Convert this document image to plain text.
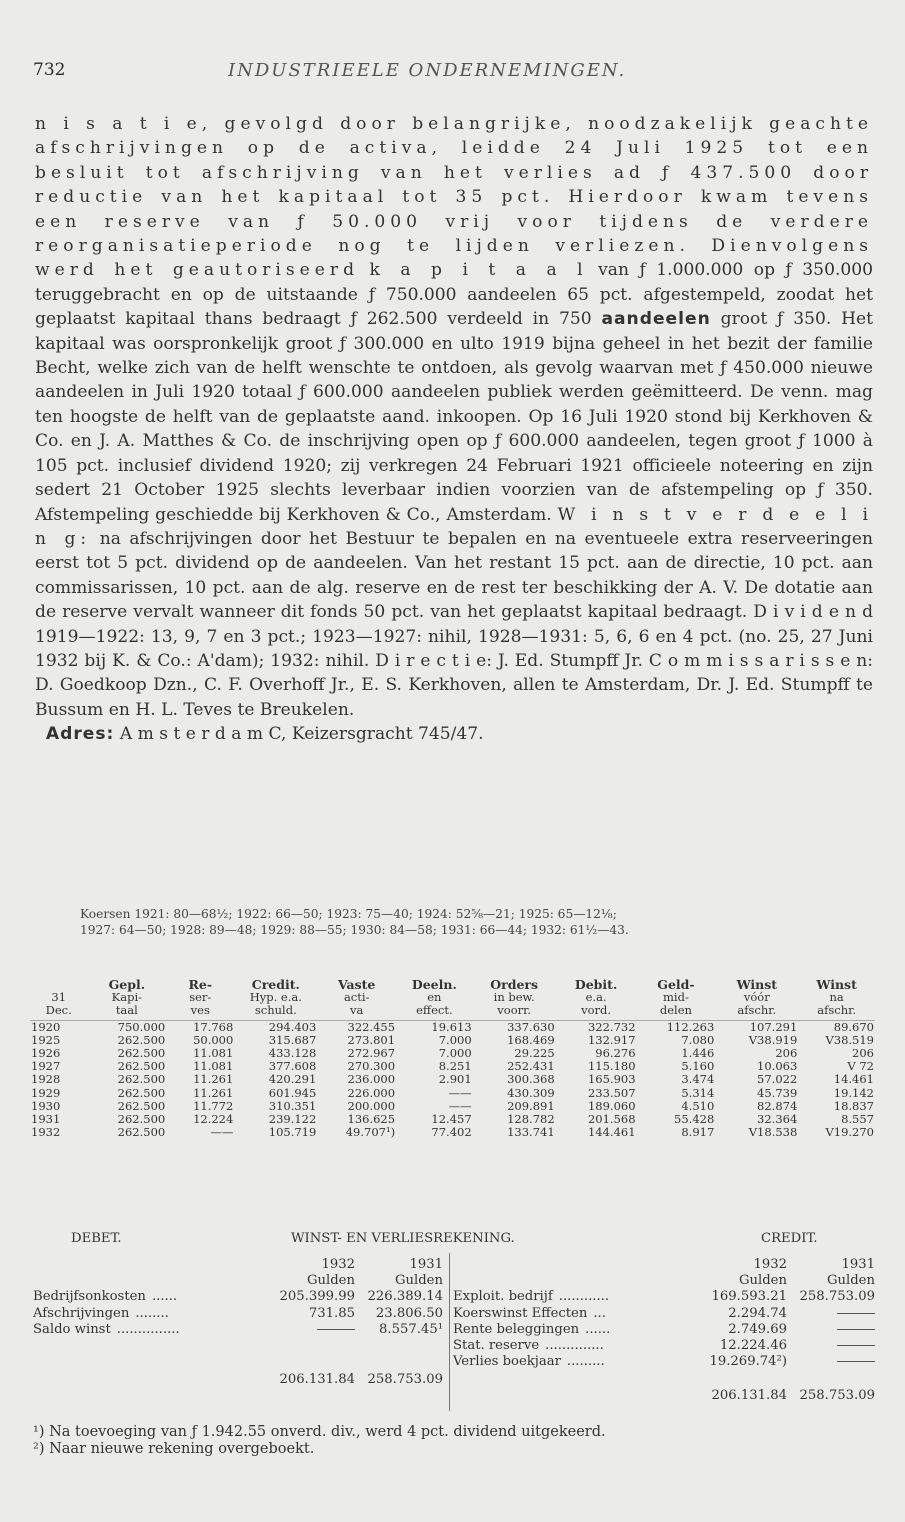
732	INDUSTRIEELE ONDERNEMINGEN.
n i s a t i e, gevolgd door belangrijke, noodzakelijk geachte afschrijvingen op de activa, leidde 24 Juli 1925 tot een besluit tot afschrijving van het verlies ad ƒ 437.500 door reductie van het kapitaal tot 35 pct. Hierdoor kwam tevens een reserve van ƒ 50.000 vrij voor tijdens de verdere reorganisatieperiode nog te lijden verliezen. Dienvolgens werd het geautoriseerd k a p i t a a l van ƒ 1.000.000 op ƒ 350.000 teruggebracht en op de uitstaande ƒ 750.000 aandeelen 65 pct. afgestempeld, zoodat het geplaatst kapitaal thans bedraagt ƒ 262.500 verdeeld in 750 aandeelen groot ƒ 350. Het kapitaal was oorspronkelijk groot ƒ 300.000 en ulto 1919 bijna geheel in het bezit der familie Becht, welke zich van de helft wenschte te ontdoen, als gevolg waarvan met ƒ 450.000 nieuwe aandeelen in Juli 1920 totaal ƒ 600.000 aandeelen publiek werden geëmitteerd. De venn. mag ten hoogste de helft van de geplaatste aand. inkoopen. Op 16 Juli 1920 stond bij Kerkhoven & Co. en J. A. Matthes & Co. de inschrijving open op ƒ 600.000 aandeelen, tegen groot ƒ 1000 à 105 pct. inclusief dividend 1920; zij verkregen 24 Februari 1921 officieele noteering en zijn sedert 21 October 1925 slechts leverbaar indien voorzien van de afstempeling op ƒ 350. Afstempeling geschiedde bij Kerkhoven & Co., Amsterdam. W i n s t v e r d e e l i n g: na afschrijvingen door het Bestuur te bepalen en na eventueele extra reserveeringen eerst tot 5 pct. dividend op de aandeelen. Van het restant 15 pct. aan de directie, 10 pct. aan commissarissen, 10 pct. aan de alg. reserve en de rest ter beschikking der A. V. De dotatie aan de reserve vervalt wanneer dit fonds 50 pct. van het geplaatst kapitaal bedraagt. D i v i d e n d 1919—1922: 13, 9, 7 en 3 pct.; 1923—1927: nihil, 1928—1931: 5, 6, 6 en 4 pct. (no. 25, 27 Juni 1932 bij K. & Co.: A'dam); 1932: nihil. D i r e c t i e: J. Ed. Stumpff Jr. C o m m i s s a r i s s e n: D. Goedkoop Dzn., C. F. Overhoff Jr., E. S. Kerkhoven, allen te Amsterdam, Dr. J. Ed. Stumpff te Bussum en H. L. Teves te Breukelen.
Adres: A m s t e r d a m C, Keizersgracht 745/47.
Koersen 1921: 80—68½; 1922: 66—50; 1923: 75—40; 1924: 52⅝—21; 1925: 65—12⅛;
1927: 64—50; 1928: 89—48; 1929: 88—55; 1930: 84—58; 1931: 66—44; 1932: 61½—43.
	Gepl.	Re-	Credit.	Vaste	Deeln.	Orders	Debit.	Geld-	Winst	Winst
31	Kapi-	ser-	Hyp. e.a.	acti-	en	in bew.	e.a.	mid-	vóór	na
Dec.	taal	ves	schuld.	va	effect.	voorr.	vord.	delen	afschr.	afschr.
1920	750.000	17.768	294.403	322.455	19.613	337.630	322.732	112.263	107.291	89.670
1925	262.500	50.000	315.687	273.801	7.000	168.469	132.917	7.080	V38.919	V38.519
1926	262.500	11.081	433.128	272.967	7.000	29.225	96.276	1.446	206	206
1927	262.500	11.081	377.608	270.300	8.251	252.431	115.180	5.160	10.063	V 72
1928	262.500	11.261	420.291	236.000	2.901	300.368	165.903	3.474	57.022	14.461
1929	262.500	11.261	601.945	226.000	——	430.309	233.507	5.314	45.739	19.142
1930	262.500	11.772	310.351	200.000	——	209.891	189.060	4.510	82.874	18.837
1931	262.500	12.224	239.122	136.625	12.457	128.782	201.568	55.428	32.364	8.557
1932	262.500	——	105.719	49.707¹)	77.402	133.741	144.461	8.917	V18.538	V19.270
DEBET.	WINST- EN VERLIESREKENING.	CREDIT.
	1932	1931
	Gulden	Gulden
Bedrijfsonkosten ......	205.399.99	226.389.14
Afschrijvingen ........	731.85	23.806.50
Saldo winst ...............		8.557.45¹

	206.131.84	258.753.09
	1932	1931
	Gulden	Gulden
Exploit. bedrijf ............	169.593.21	258.753.09
Koerswinst Effecten ...	2.294.74	
Rente beleggingen ......	2.749.69	
Stat. reserve ..............	12.224.46	
Verlies boekjaar .........	19.269.74²)	

	206.131.84	258.753.09
¹) Na toevoeging van ƒ 1.942.55 onverd. div., werd 4 pct. dividend uitgekeerd.
²) Naar nieuwe rekening overgeboekt.
